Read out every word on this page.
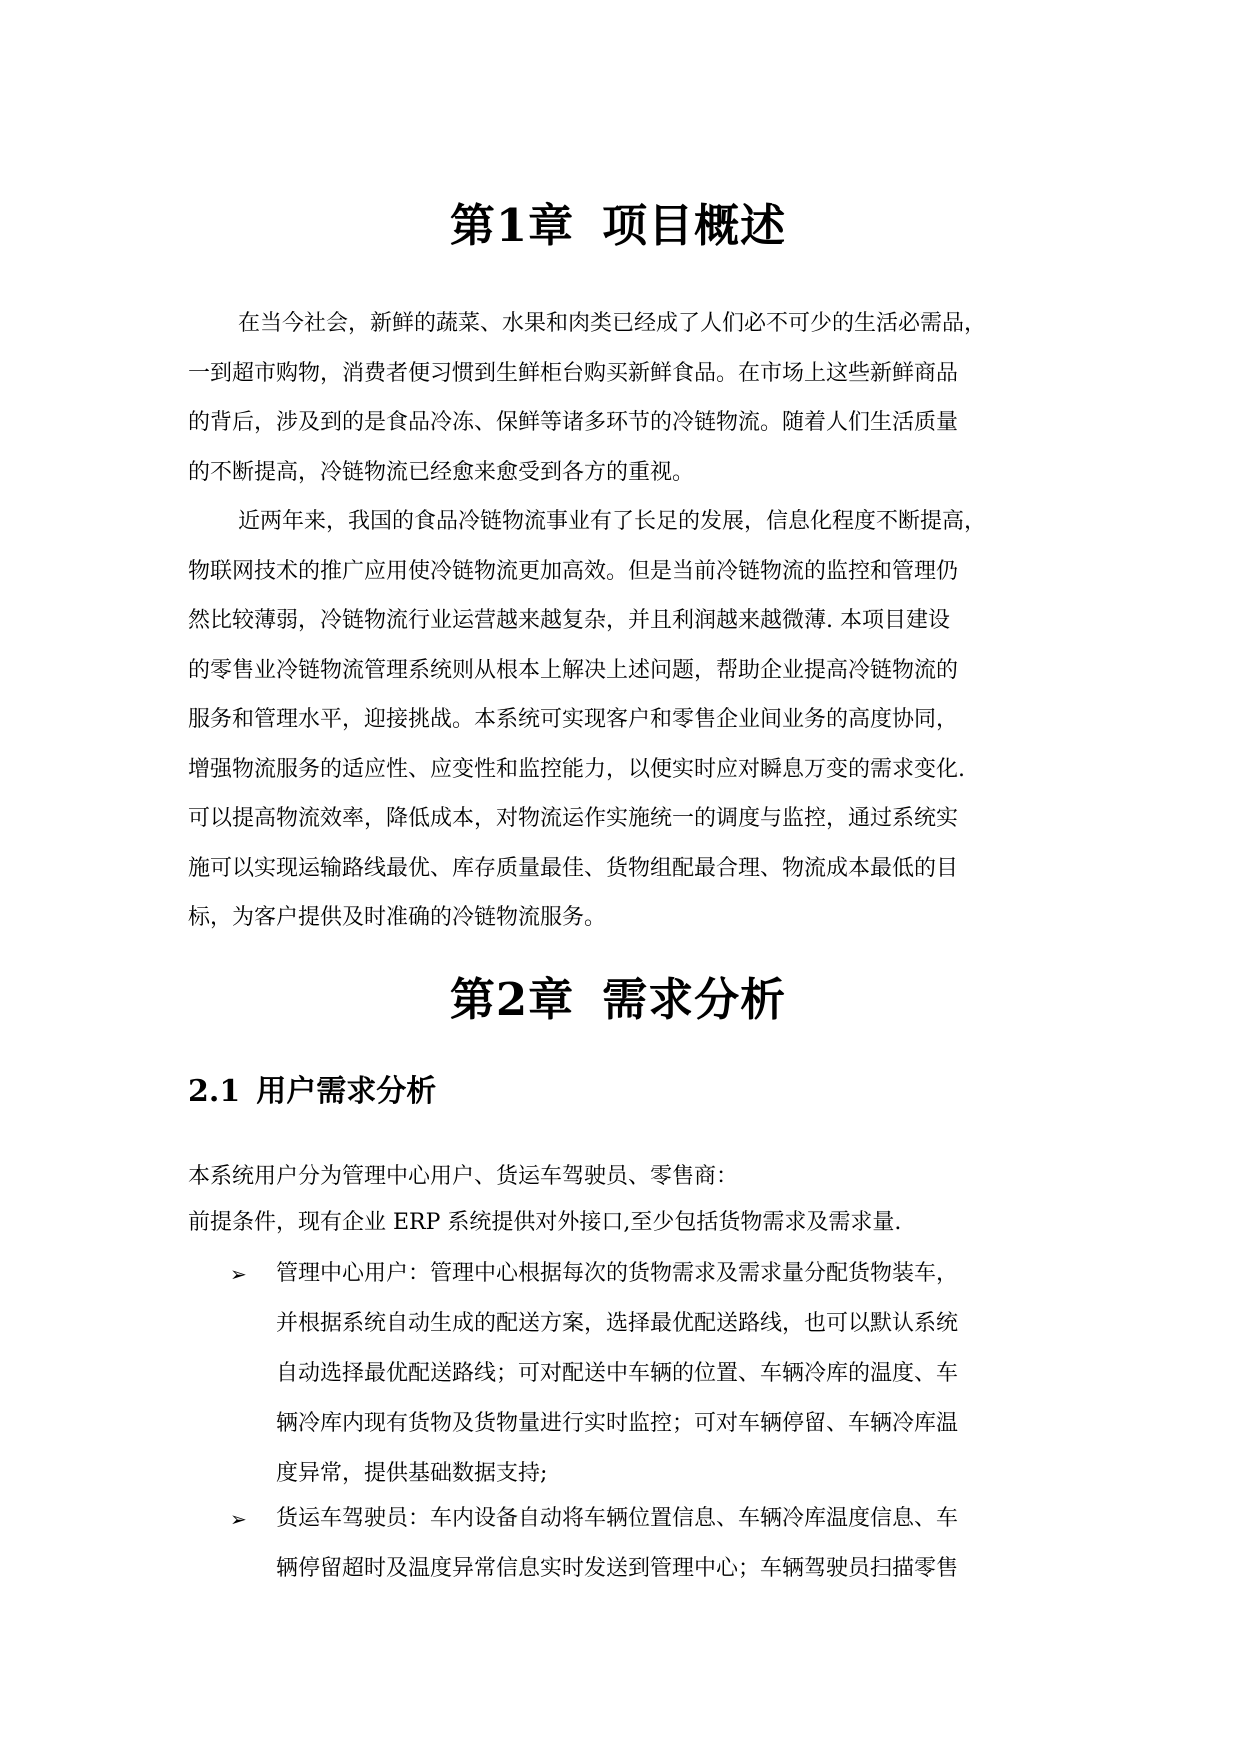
第1章 项目概述

在当今社会，新鲜的蔬菜、水果和肉类已经成了人们必不可少的生活必需品，
一到超市购物，消费者便习惯到生鲜柜台购买新鲜食品。在市场上这些新鲜商品
的背后，涉及到的是食品冷冻、保鲜等诸多环节的冷链物流。随着人们生活质量
的不断提高，冷链物流已经愈来愈受到各方的重视。

近两年来，我国的食品冷链物流事业有了长足的发展，信息化程度不断提高，
物联网技术的推广应用使冷链物流更加高效。但是当前冷链物流的监控和管理仍
然比较薄弱，冷链物流行业运营越来越复杂，并且利润越来越微薄. 本项目建设
的零售业冷链物流管理系统则从根本上解决上述问题，帮助企业提高冷链物流的
服务和管理水平，迎接挑战。本系统可实现客户和零售企业间业务的高度协同，
增强物流服务的适应性、应变性和监控能力，以便实时应对瞬息万变的需求变化.
可以提高物流效率，降低成本，对物流运作实施统一的调度与监控，通过系统实
施可以实现运输路线最优、库存质量最佳、货物组配最合理、物流成本最低的目
标，为客户提供及时准确的冷链物流服务。

第2章 需求分析
2.1 用户需求分析

本系统用户分为管理中心用户、货运车驾驶员、零售商：

前提条件，现有企业 ERP 系统提供对外接口,至少包括货物需求及需求量.

➢ 管理中心用户：管理中心根据每次的货物需求及需求量分配货物装车，
并根据系统自动生成的配送方案，选择最优配送路线，也可以默认系统
自动选择最优配送路线；可对配送中车辆的位置、车辆冷库的温度、车
辆冷库内现有货物及货物量进行实时监控；可对车辆停留、车辆冷库温
度异常，提供基础数据支持;
➢ 货运车驾驶员：车内设备自动将车辆位置信息、车辆冷库温度信息、车
辆停留超时及温度异常信息实时发送到管理中心；车辆驾驶员扫描零售
